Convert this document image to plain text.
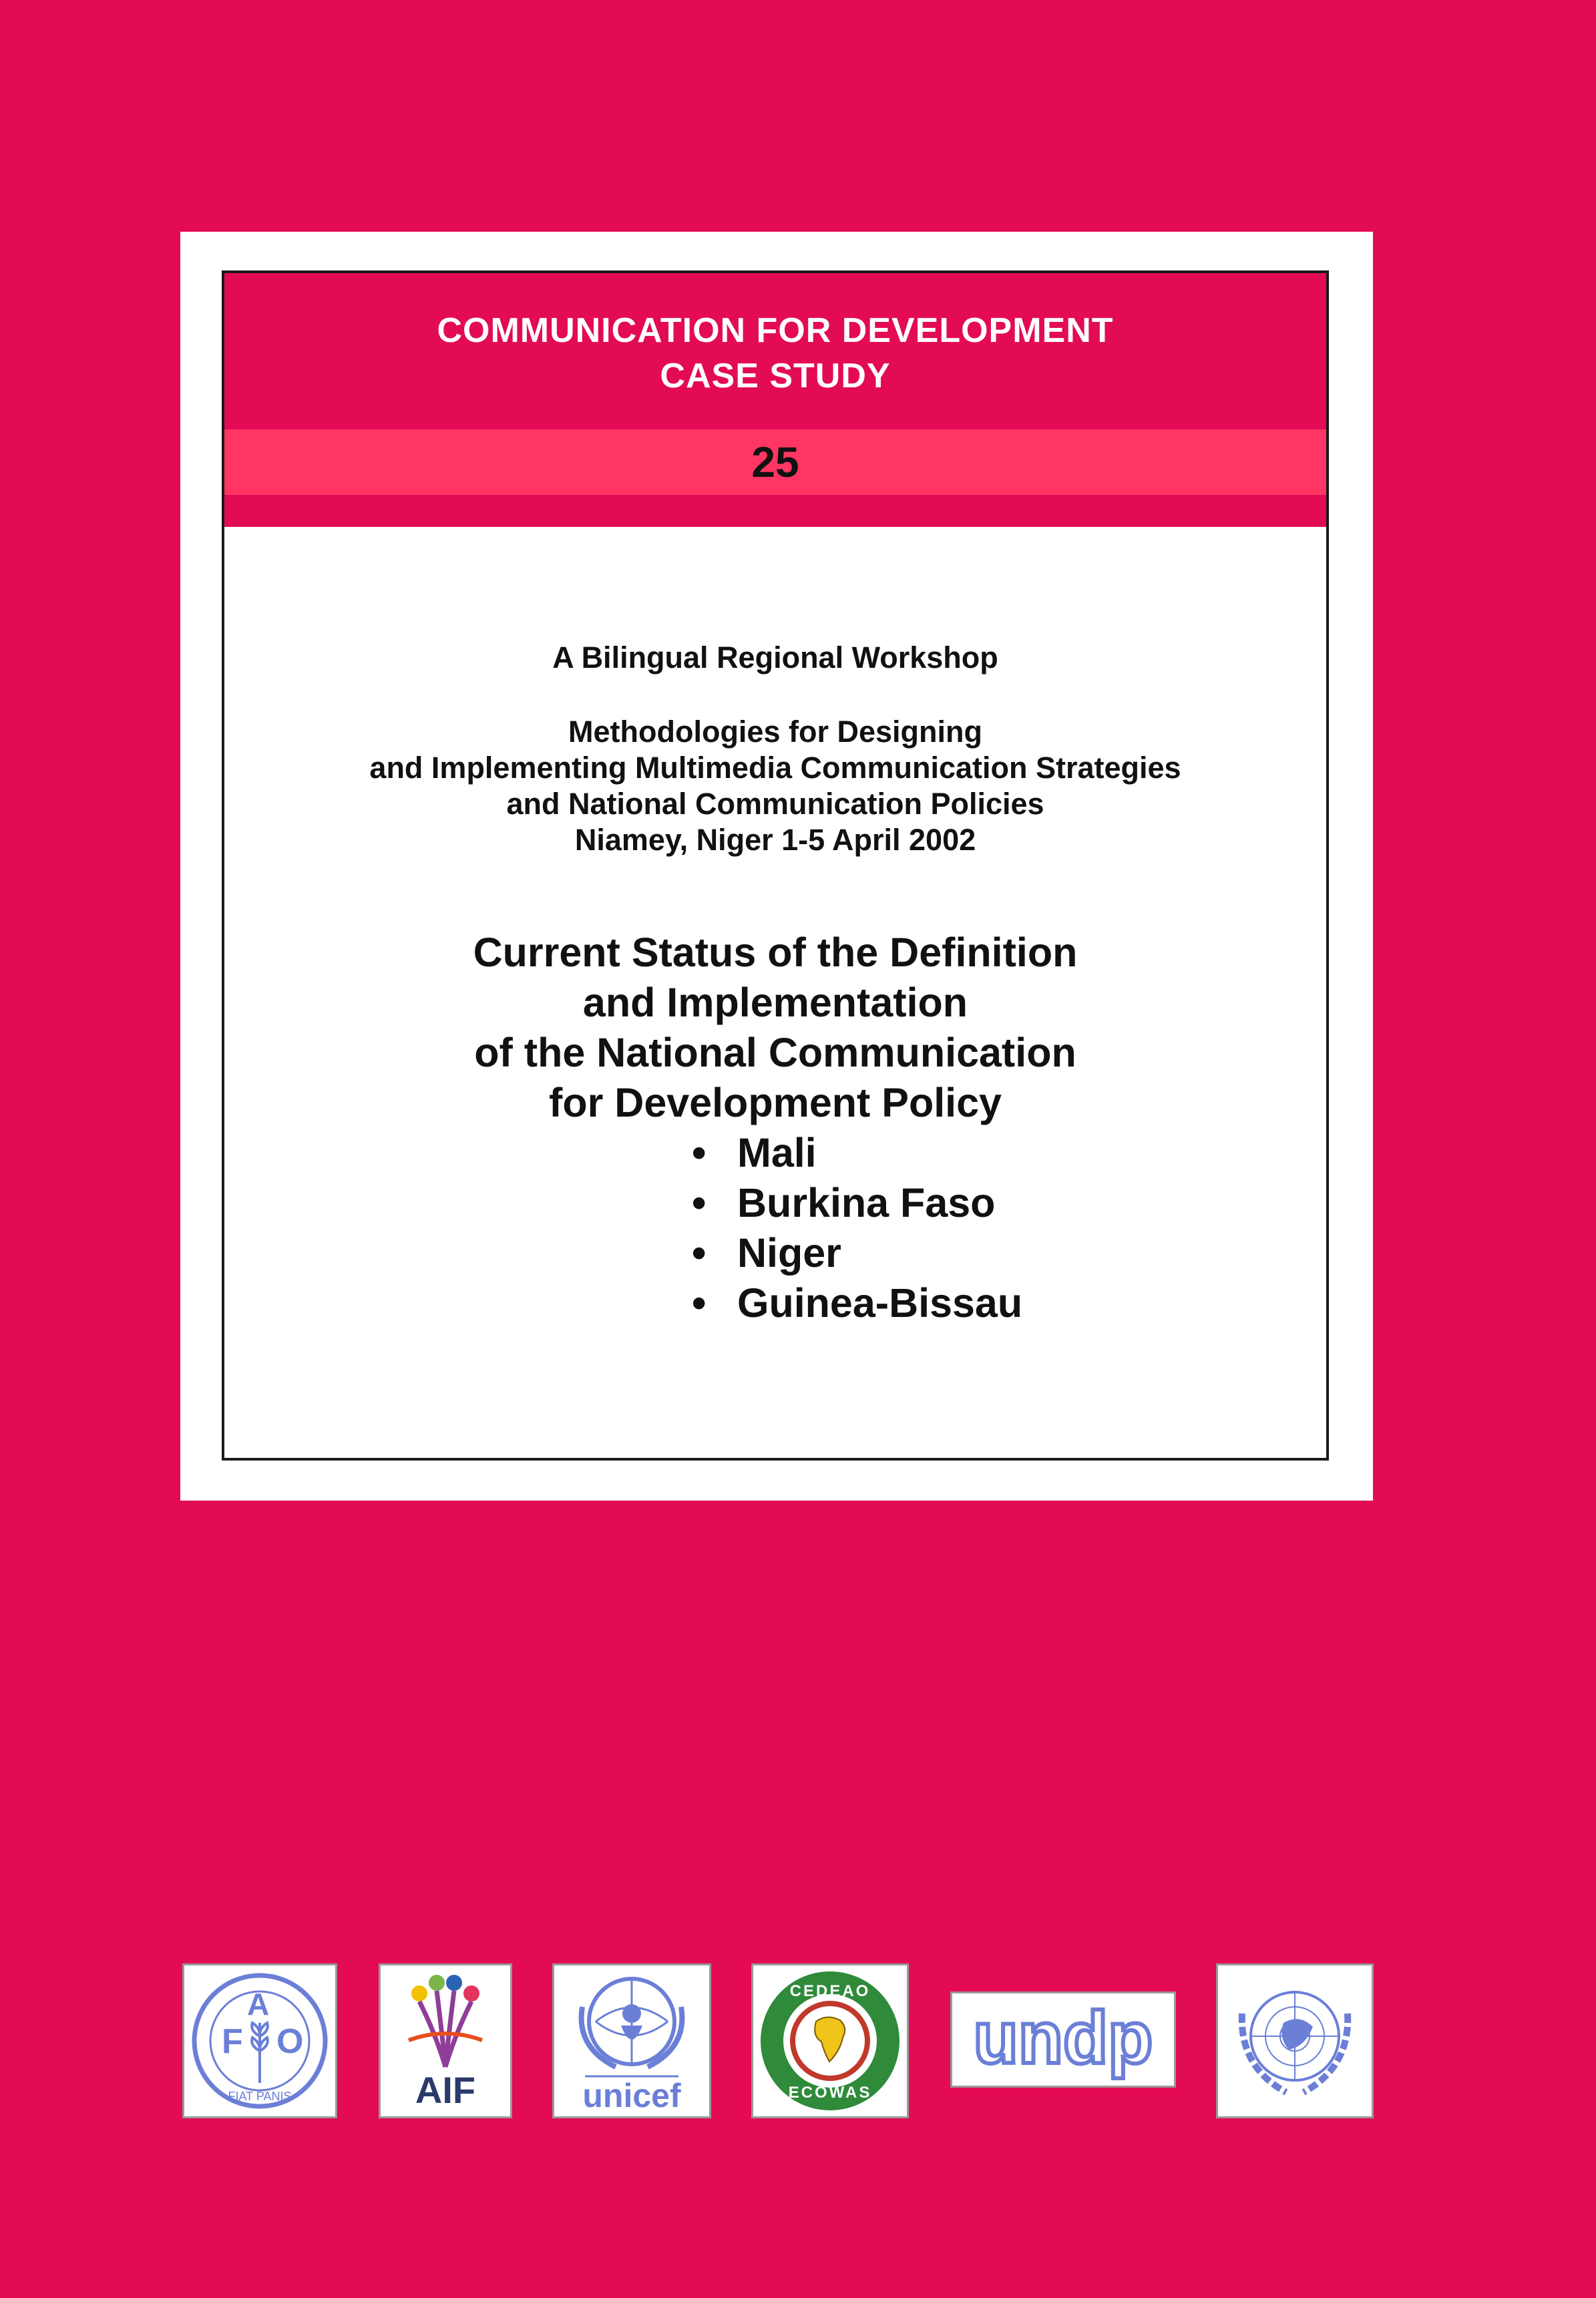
COMMUNICATION FOR DEVELOPMENT
CASE STUDY
25
A Bilingual Regional Workshop
Methodologies for Designing
and Implementing Multimedia Communication Strategies
and National Communication Policies
Niamey, Niger 1-5 April 2002
Current Status of the Definition
and Implementation
of the National Communication
for Development Policy
• Mali
• Burkina Faso
• Niger
• Guinea-Bissau
F
A
O
FIAT PANIS	AIF	unicef
CEDEAO
ECOWAS
undp
